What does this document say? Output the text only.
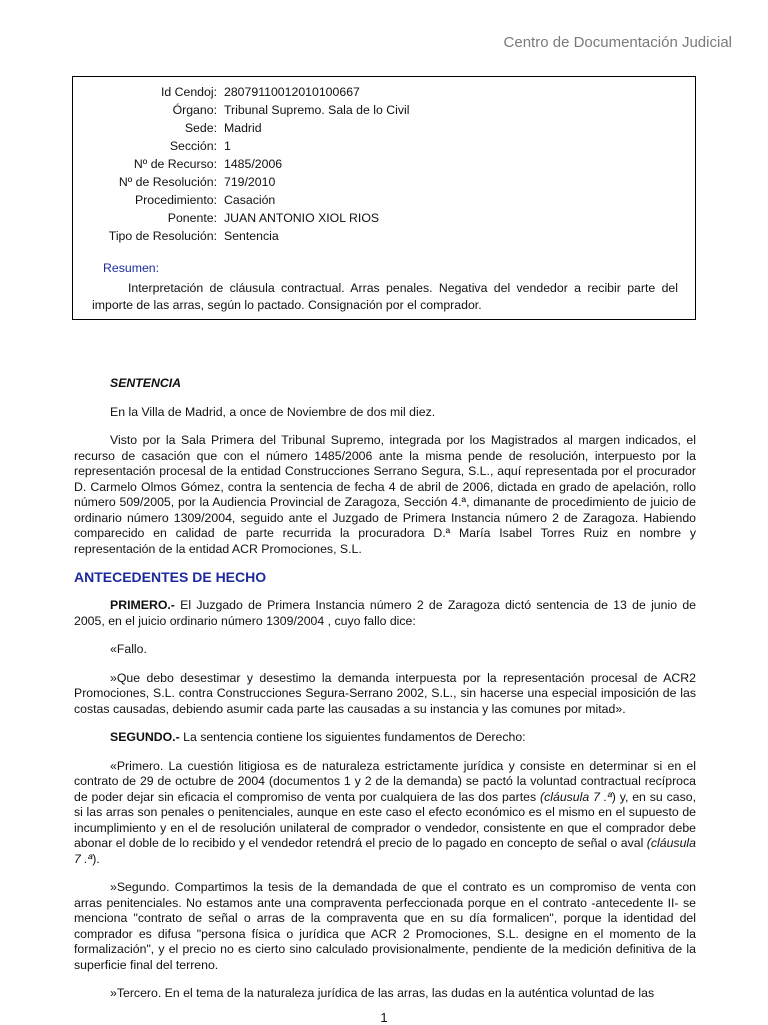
Centro de Documentación Judicial
Id Cendoj: 28079110012010100667
Órgano: Tribunal Supremo. Sala de lo Civil
Sede: Madrid
Sección: 1
Nº de Recurso: 1485/2006
Nº de Resolución: 719/2010
Procedimiento: Casación
Ponente: JUAN ANTONIO XIOL RIOS
Tipo de Resolución: Sentencia
Resumen:
Interpretación de cláusula contractual. Arras penales. Negativa del vendedor a recibir parte del importe de las arras, según lo pactado. Consignación por el comprador.

SENTENCIA

En la Villa de Madrid, a once de Noviembre de dos mil diez.

Visto por la Sala Primera del Tribunal Supremo, integrada por los Magistrados al margen indicados, el recurso de casación que con el número 1485/2006 ante la misma pende de resolución, interpuesto por la representación procesal de la entidad Construcciones Serrano Segura, S.L., aquí representada por el procurador D. Carmelo Olmos Gómez, contra la sentencia de fecha 4 de abril de 2006, dictada en grado de apelación, rollo número 509/2005, por la Audiencia Provincial de Zaragoza, Sección 4.ª, dimanante de procedimiento de juicio de ordinario número 1309/2004, seguido ante el Juzgado de Primera Instancia número 2 de Zaragoza. Habiendo comparecido en calidad de parte recurrida la procuradora D.ª María Isabel Torres Ruiz en nombre y representación de la entidad ACR Promociones, S.L.

ANTECEDENTES DE HECHO

PRIMERO.- El Juzgado de Primera Instancia número 2 de Zaragoza dictó sentencia de 13 de junio de 2005, en el juicio ordinario número 1309/2004 , cuyo fallo dice:

«Fallo.

»Que debo desestimar y desestimo la demanda interpuesta por la representación procesal de ACR2 Promociones, S.L. contra Construcciones Segura-Serrano 2002, S.L., sin hacerse una especial imposición de las costas causadas, debiendo asumir cada parte las causadas a su instancia y las comunes por mitad».

SEGUNDO.- La sentencia contiene los siguientes fundamentos de Derecho:

«Primero. La cuestión litigiosa es de naturaleza estrictamente jurídica y consiste en determinar si en el contrato de 29 de octubre de 2004 (documentos 1 y 2 de la demanda) se pactó la voluntad contractual recíproca de poder dejar sin eficacia el compromiso de venta por cualquiera de las dos partes (cláusula 7 .ª) y, en su caso, si las arras son penales o penitenciales, aunque en este caso el efecto económico es el mismo en el supuesto de incumplimiento y en el de resolución unilateral de comprador o vendedor, consistente en que el comprador debe abonar el doble de lo recibido y el vendedor retendrá el precio de lo pagado en concepto de señal o aval (cláusula 7 .ª).

»Segundo. Compartimos la tesis de la demandada de que el contrato es un compromiso de venta con arras penitenciales. No estamos ante una compraventa perfeccionada porque en el contrato -antecedente II- se menciona "contrato de señal o arras de la compraventa que en su día formalicen", porque la identidad del comprador es difusa "persona física o jurídica que ACR 2 Promociones, S.L. designe en el momento de la formalización", y el precio no es cierto sino calculado provisionalmente, pendiente de la medición definitiva de la superficie final del terreno.

»Tercero. En el tema de la naturaleza jurídica de las arras, las dudas en la auténtica voluntad de las

1
